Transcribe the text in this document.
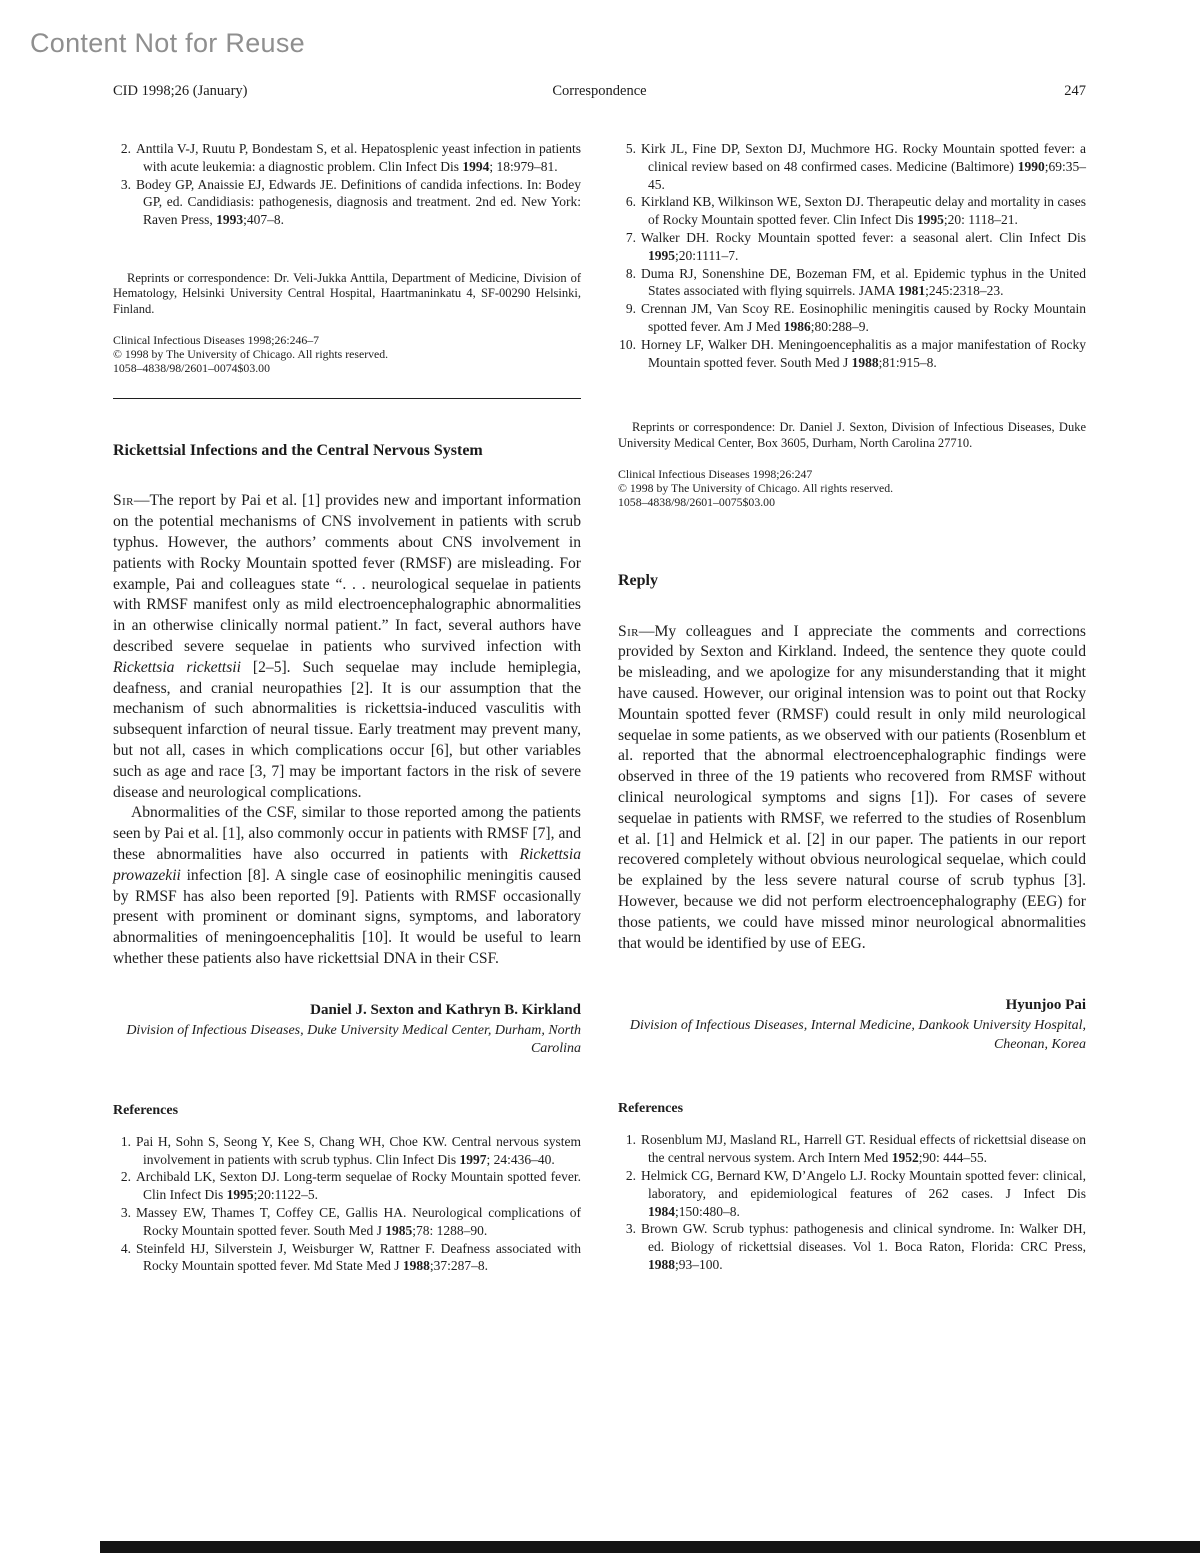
Content Not for Reuse
CID 1998;26 (January)	Correspondence	247
2. Anttila V-J, Ruutu P, Bondestam S, et al. Hepatosplenic yeast infection in patients with acute leukemia: a diagnostic problem. Clin Infect Dis 1994; 18:979–81.
3. Bodey GP, Anaissie EJ, Edwards JE. Definitions of candida infections. In: Bodey GP, ed. Candidiasis: pathogenesis, diagnosis and treatment. 2nd ed. New York: Raven Press, 1993;407–8.

Reprints or correspondence: Dr. Veli-Jukka Anttila, Department of Medicine, Division of Hematology, Helsinki University Central Hospital, Haartmaninkatu 4, SF-00290 Helsinki, Finland.

Clinical Infectious Diseases 1998;26:246–7
© 1998 by The University of Chicago. All rights reserved.
1058–4838/98/2601–0074$03.00
Rickettsial Infections and the Central Nervous System

Sir—The report by Pai et al. [1] provides new and important information on the potential mechanisms of CNS involvement in patients with scrub typhus. However, the authors’ comments about CNS involvement in patients with Rocky Mountain spotted fever (RMSF) are misleading. For example, Pai and colleagues state “. . . neurological sequelae in patients with RMSF manifest only as mild electroencephalographic abnormalities in an otherwise clinically normal patient.” In fact, several authors have described severe sequelae in patients who survived infection with Rickettsia rickettsii [2–5]. Such sequelae may include hemiplegia, deafness, and cranial neuropathies [2]. It is our assumption that the mechanism of such abnormalities is rickettsia-induced vasculitis with subsequent infarction of neural tissue. Early treatment may prevent many, but not all, cases in which complications occur [6], but other variables such as age and race [3, 7] may be important factors in the risk of severe disease and neurological complications.

Abnormalities of the CSF, similar to those reported among the patients seen by Pai et al. [1], also commonly occur in patients with RMSF [7], and these abnormalities have also occurred in patients with Rickettsia prowazekii infection [8]. A single case of eosinophilic meningitis caused by RMSF has also been reported [9]. Patients with RMSF occasionally present with prominent or dominant signs, symptoms, and laboratory abnormalities of meningoencephalitis [10]. It would be useful to learn whether these patients also have rickettsial DNA in their CSF.

Daniel J. Sexton and Kathryn B. Kirkland
Division of Infectious Diseases, Duke University Medical Center, Durham, North Carolina
References
1. Pai H, Sohn S, Seong Y, Kee S, Chang WH, Choe KW. Central nervous system involvement in patients with scrub typhus. Clin Infect Dis 1997; 24:436–40.
2. Archibald LK, Sexton DJ. Long-term sequelae of Rocky Mountain spotted fever. Clin Infect Dis 1995;20:1122–5.
3. Massey EW, Thames T, Coffey CE, Gallis HA. Neurological complications of Rocky Mountain spotted fever. South Med J 1985;78: 1288–90.
4. Steinfeld HJ, Silverstein J, Weisburger W, Rattner F. Deafness associated with Rocky Mountain spotted fever. Md State Med J 1988;37:287–8.
5. Kirk JL, Fine DP, Sexton DJ, Muchmore HG. Rocky Mountain spotted fever: a clinical review based on 48 confirmed cases. Medicine (Baltimore) 1990;69:35–45.
6. Kirkland KB, Wilkinson WE, Sexton DJ. Therapeutic delay and mortality in cases of Rocky Mountain spotted fever. Clin Infect Dis 1995;20: 1118–21.
7. Walker DH. Rocky Mountain spotted fever: a seasonal alert. Clin Infect Dis 1995;20:1111–7.
8. Duma RJ, Sonenshine DE, Bozeman FM, et al. Epidemic typhus in the United States associated with flying squirrels. JAMA 1981;245:2318–23.
9. Crennan JM, Van Scoy RE. Eosinophilic meningitis caused by Rocky Mountain spotted fever. Am J Med 1986;80:288–9.
10. Horney LF, Walker DH. Meningoencephalitis as a major manifestation of Rocky Mountain spotted fever. South Med J 1988;81:915–8.

Reprints or correspondence: Dr. Daniel J. Sexton, Division of Infectious Diseases, Duke University Medical Center, Box 3605, Durham, North Carolina 27710.

Clinical Infectious Diseases 1998;26:247
© 1998 by The University of Chicago. All rights reserved.
1058–4838/98/2601–0075$03.00
Reply

Sir—My colleagues and I appreciate the comments and corrections provided by Sexton and Kirkland. Indeed, the sentence they quote could be misleading, and we apologize for any misunderstanding that it might have caused. However, our original intension was to point out that Rocky Mountain spotted fever (RMSF) could result in only mild neurological sequelae in some patients, as we observed with our patients (Rosenblum et al. reported that the abnormal electroencephalographic findings were observed in three of the 19 patients who recovered from RMSF without clinical neurological symptoms and signs [1]). For cases of severe sequelae in patients with RMSF, we referred to the studies of Rosenblum et al. [1] and Helmick et al. [2] in our paper. The patients in our report recovered completely without obvious neurological sequelae, which could be explained by the less severe natural course of scrub typhus [3]. However, because we did not perform electroencephalography (EEG) for those patients, we could have missed minor neurological abnormalities that would be identified by use of EEG.

Hyunjoo Pai
Division of Infectious Diseases, Internal Medicine, Dankook University Hospital, Cheonan, Korea
References
1. Rosenblum MJ, Masland RL, Harrell GT. Residual effects of rickettsial disease on the central nervous system. Arch Intern Med 1952;90: 444–55.
2. Helmick CG, Bernard KW, D’Angelo LJ. Rocky Mountain spotted fever: clinical, laboratory, and epidemiological features of 262 cases. J Infect Dis 1984;150:480–8.
3. Brown GW. Scrub typhus: pathogenesis and clinical syndrome. In: Walker DH, ed. Biology of rickettsial diseases. Vol 1. Boca Raton, Florida: CRC Press, 1988;93–100.
